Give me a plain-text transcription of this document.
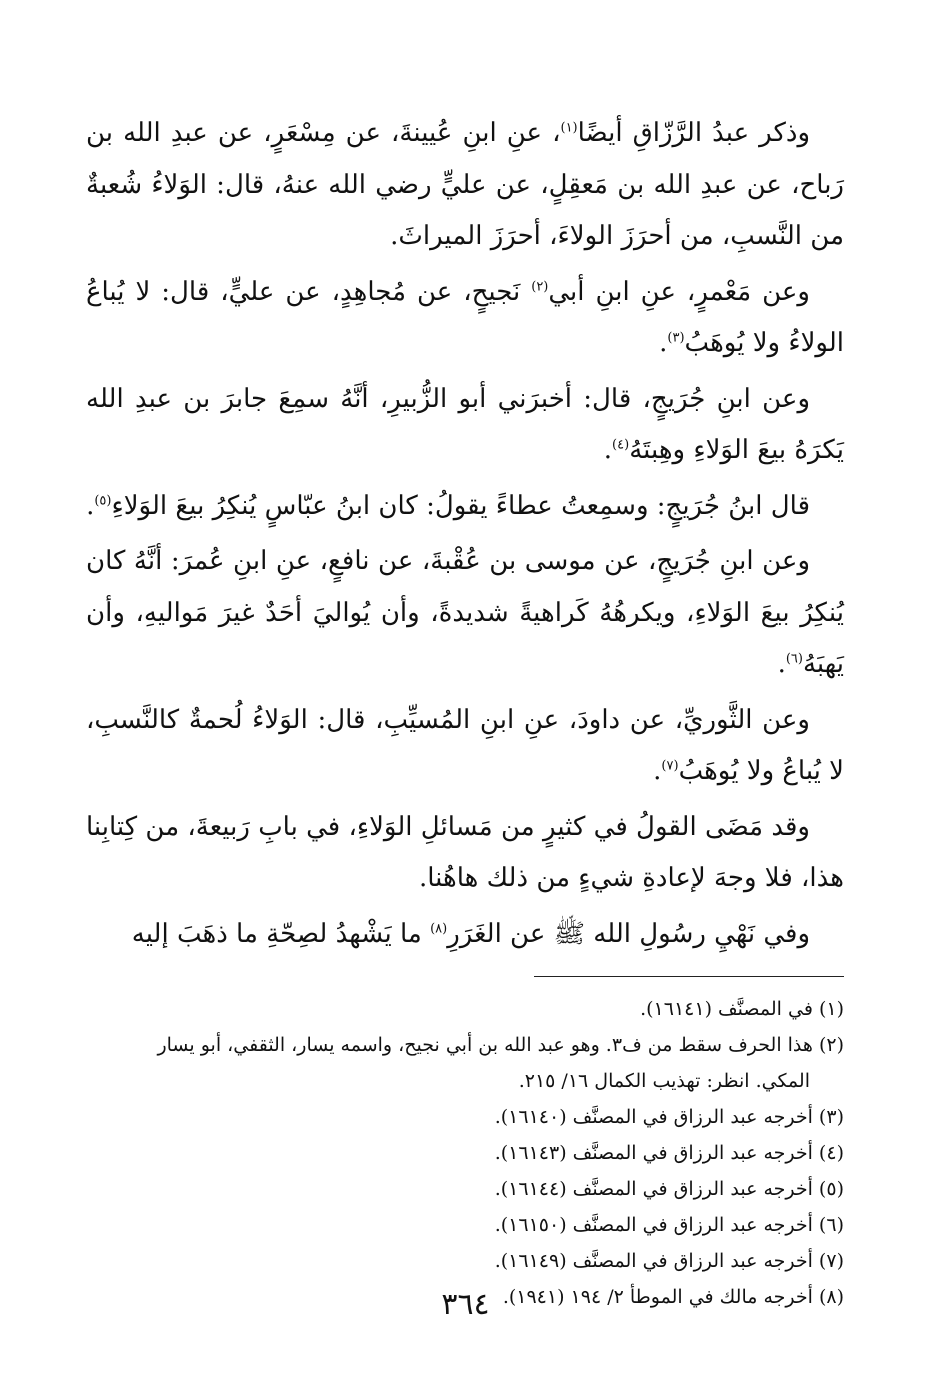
وذكر عبدُ الرَّزّاقِ أيضًا$^{(١)}$، عنِ ابنِ عُيينةَ، عن مِسْعَرٍ، عن عبدِ الله بن رَباح، عن عبدِ الله بن مَعقِلٍ، عن عليٍّ رضي الله عنهُ، قال: الوَلاءُ شُعبةٌ من النَّسبِ، من أحرَزَ الولاءَ، أحرَزَ الميراثَ.

وعن مَعْمرٍ، عنِ ابنِ أبي$^{(٢)}$ نَجيحٍ، عن مُجاهِدٍ، عن عليٍّ، قال: لا يُباعُ الولاءُ ولا يُوهَبُ$^{(٣)}$.

وعن ابنِ جُرَيجٍ، قال: أخبرَني أبو الزُّبيرِ، أنَّهُ سمِعَ جابرَ بن عبدِ الله يَكرَهُ بيعَ الوَلاءِ وهِبتَهُ$^{(٤)}$.

قال ابنُ جُرَيجٍ: وسمِعتُ عطاءً يقولُ: كان ابنُ عبّاسٍ يُنكِرُ بيعَ الوَلاءِ$^{(٥)}$.

وعن ابنِ جُرَيجٍ، عن موسى بن عُقْبةَ، عن نافعٍ، عنِ ابنِ عُمرَ: أنَّهُ كان يُنكِرُ بيعَ الوَلاءِ، ويكرهُهُ كَراهيةً شديدةً، وأن يُواليَ أحَدٌ غيرَ مَواليهِ، وأن يَهبَهُ$^{(٦)}$.

وعن الثَّوريِّ، عن داودَ، عنِ ابنِ المُسيِّبِ، قال: الوَلاءُ لُحمةٌ كالنَّسبِ، لا يُباعُ ولا يُوهَبُ$^{(٧)}$.

وقد مَضَى القولُ في كثيرٍ من مَسائلِ الوَلاءِ، في بابِ رَبيعةَ، من كِتابِنا هذا، فلا وجهَ لإعادةِ شيءٍ من ذلك هاهُنا.

وفي نَهْيِ رسُولِ الله ﷺ عن الغَرَرِ$^{(٨)}$ ما يَشْهدُ لصِحّةِ ما ذهَبَ إليه

(١) في المصنَّف (١٦١٤١).
(٢) هذا الحرف سقط من ف٣. وهو عبد الله بن أبي نجيح، واسمه يسار، الثقفي، أبو يسار
المكي. انظر: تهذيب الكمال ١٦/ ٢١٥.
(٣) أخرجه عبد الرزاق في المصنَّف (١٦١٤٠).
(٤) أخرجه عبد الرزاق في المصنَّف (١٦١٤٣).
(٥) أخرجه عبد الرزاق في المصنَّف (١٦١٤٤).
(٦) أخرجه عبد الرزاق في المصنَّف (١٦١٥٠).
(٧) أخرجه عبد الرزاق في المصنَّف (١٦١٤٩).
(٨) أخرجه مالك في الموطأ ٢/ ١٩٤ (١٩٤١).
٣٦٤
